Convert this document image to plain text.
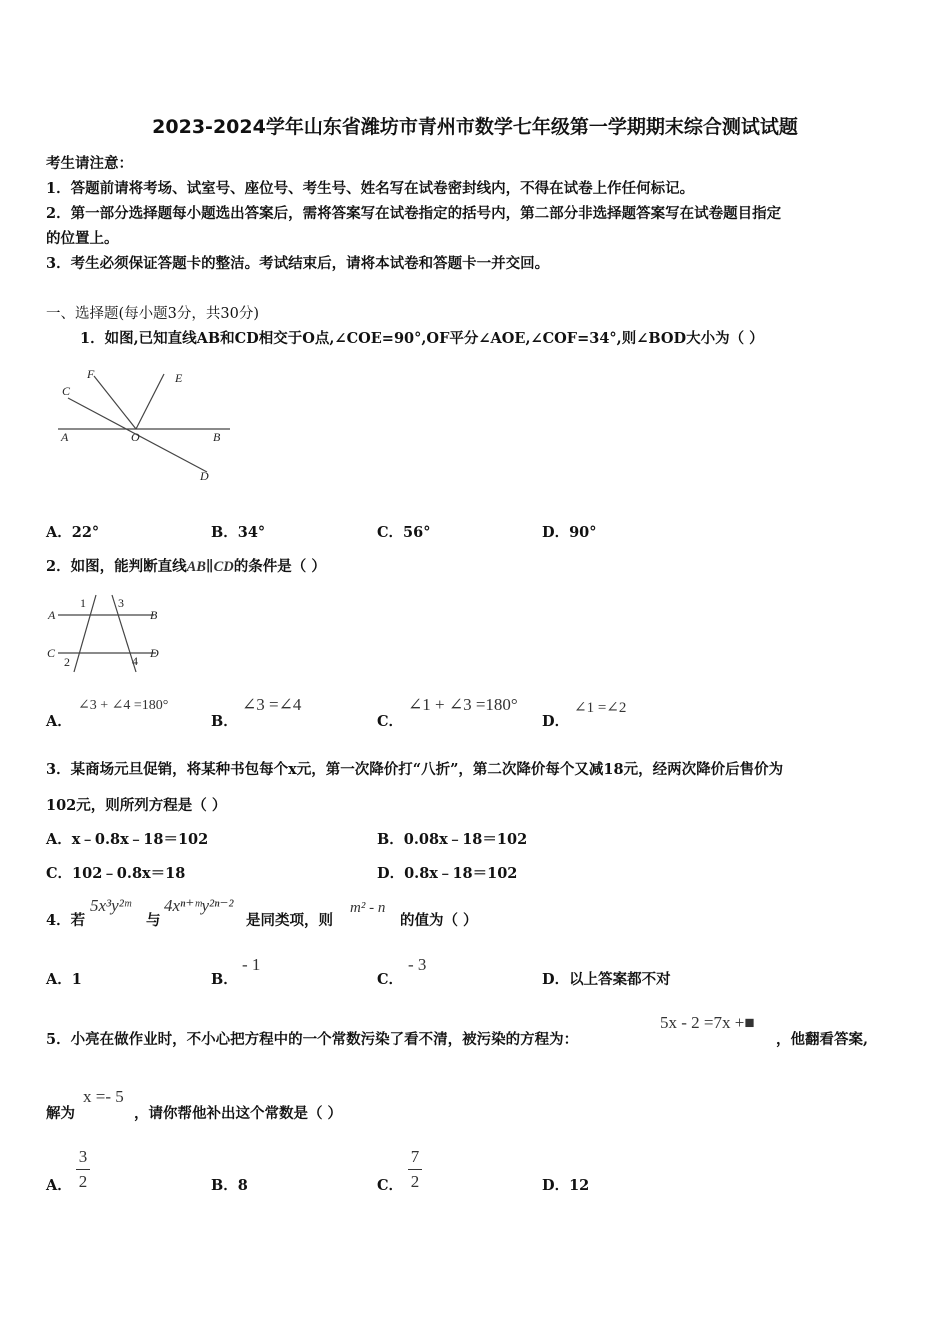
2023-2024学年山东省潍坊市青州市数学七年级第一学期期末综合测试试题
考生请注意：
1．答题前请将考场、试室号、座位号、考生号、姓名写在试卷密封线内，不得在试卷上作任何标记。
2．第一部分选择题每小题选出答案后，需将答案写在试卷指定的括号内，第二部分非选择题答案写在试卷题目指定
的位置上。
3．考生必须保证答题卡的整洁。考试结束后，请将本试卷和答题卡一并交回。
一、选择题(每小题3分，共30分)
1．如图,已知直线AB和CD相交于O点,∠COE=90°,OF平分∠AOE,∠COF=34°,则∠BOD大小为（ ）
C
F	E
A	O	B
D
A．22°	B．34°	C．56°	D．90°
2．如图，能判断直线AB∥CD的条件是（ ）
A	B
C	D
1
2
3
4
A．
∠3 + ∠4 =180°
B．
∠3 =∠4
C．
∠1 + ∠3 =180°
D．
∠1 =∠2
3．某商场元旦促销，将某种书包每个x元，第一次降价打“八折”，第二次降价每个又减18元，经两次降价后售价为
102元，则所列方程是（ ）
A．x﹣0.8x﹣18＝102	B．0.08x﹣18＝102
C．102﹣0.8x＝18	D．0.8x﹣18＝102
4．若
5x³y²ᵐ
与
4xⁿ⁺ᵐy²ⁿ⁻²
是同类项，则
m² - n
的值为（ ）
A．1	B．
- 1
C．
- 3
D．以上答案都不对
5．小亮在做作业时，不小心把方程中的一个常数污染了看不清，被污染的方程为：
5x - 2 =7x +■
，他翻看答案,
解为
x =- 5
，请你帮他补出这个常数是（ ）
A．
3
2	B．8	C．
7
2	D．12
